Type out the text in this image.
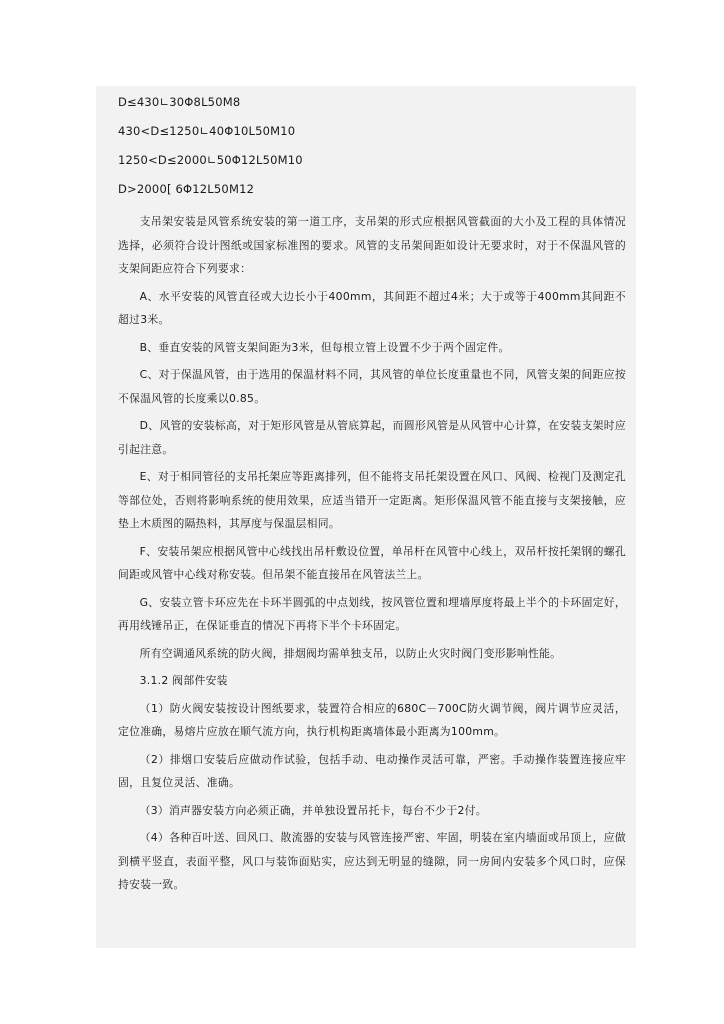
D≤430∟30Φ8L50M8

430<D≤1250∟40Φ10L50M10

1250<D≤2000∟50Φ12L50M10

D>2000[ 6Φ12L50M12

支吊架安装是风管系统安装的第一道工序，支吊架的形式应根据风管截面的大小及工程的具体情况选择，必须符合设计图纸或国家标准图的要求。风管的支吊架间距如设计无要求时，对于不保温风管的支架间距应符合下列要求：

A、水平安装的风管直径或大边长小于400mm，其间距不超过4米；大于或等于400mm其间距不超过3米。

B、垂直安装的风管支架间距为3米，但每根立管上设置不少于两个固定件。

C、对于保温风管，由于选用的保温材料不同，其风管的单位长度重量也不同，风管支架的间距应按不保温风管的长度乘以0.85。

D、风管的安装标高，对于矩形风管是从管底算起，而圆形风管是从风管中心计算，在安装支架时应引起注意。

E、对于相同管径的支吊托架应等距离排列，但不能将支吊托架设置在风口、风阀、检视门及测定孔等部位处，否则将影响系统的使用效果，应适当错开一定距离。矩形保温风管不能直接与支架接触，应垫上木质图的隔热料，其厚度与保温层相同。

F、安装吊架应根据风管中心线找出吊杆敷设位置，单吊杆在风管中心线上，双吊杆按托架钢的螺孔间距或风管中心线对称安装。但吊架不能直接吊在风管法兰上。

G、安装立管卡环应先在卡环半圆弧的中点划线，按风管位置和埋墙厚度将最上半个的卡环固定好，再用线锤吊正，在保证垂直的情况下再将下半个卡环固定。

所有空调通风系统的防火阀，排烟阀均需单独支吊，以防止火灾时阀门变形影响性能。

3.1.2 阀部件安装

（1）防火阀安装按设计图纸要求，装置符合相应的680C－700C防火调节阀，阀片调节应灵活，定位准确，易熔片应放在顺气流方向，执行机构距离墙体最小距离为100mm。

（2）排烟口安装后应做动作试验，包括手动、电动操作灵活可靠，严密。手动操作装置连接应牢固，且复位灵活、准确。

（3）消声器安装方向必须正确，并单独设置吊托卡，每台不少于2付。

（4）各种百叶送、回风口、散流器的安装与风管连接严密、牢固，明装在室内墙面或吊顶上，应做到横平竖直，表面平整，风口与装饰面贴实，应达到无明显的缝隙，同一房间内安装多个风口时，应保持安装一致。
